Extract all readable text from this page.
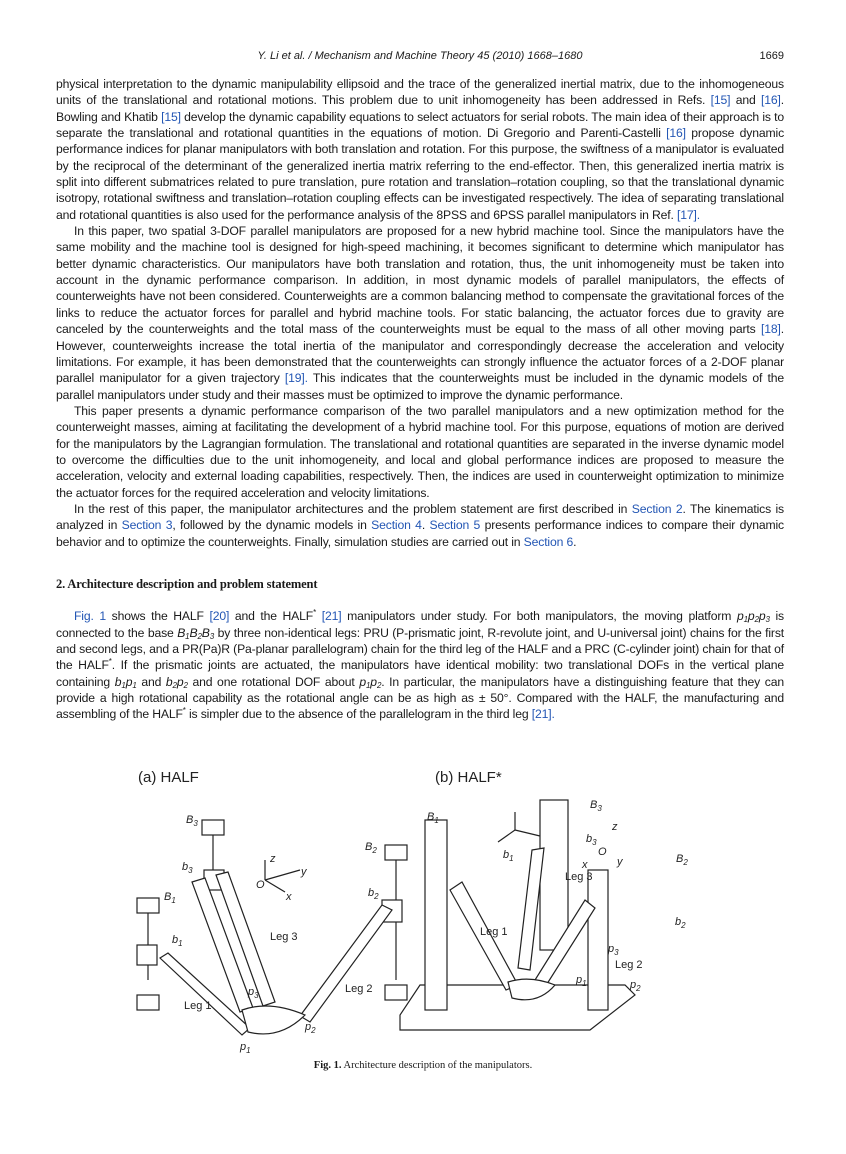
Y. Li et al. / Mechanism and Machine Theory 45 (2010) 1668–1680	1669

physical interpretation to the dynamic manipulability ellipsoid and the trace of the generalized inertial matrix, due to the inhomogeneous units of the translational and rotational motions. This problem due to unit inhomogeneity has been addressed in Refs. [15] and [16]. Bowling and Khatib [15] develop the dynamic capability equations to select actuators for serial robots. The main idea of their approach is to separate the translational and rotational quantities in the equations of motion. Di Gregorio and Parenti-Castelli [16] propose dynamic performance indices for planar manipulators with both translation and rotation. For this purpose, the swiftness of a manipulator is evaluated by the reciprocal of the determinant of the generalized inertia matrix referring to the end-effector. Then, this generalized inertia matrix is split into different submatrices related to pure translation, pure rotation and translation–rotation coupling, so that the translational dynamic isotropy, rotational swiftness and translation–rotation coupling effects can be investigated respectively. The idea of separating translational and rotational quantities is also used for the performance analysis of the 8PSS and 6PSS parallel manipulators in Ref. [17].

In this paper, two spatial 3-DOF parallel manipulators are proposed for a new hybrid machine tool. Since the manipulators have the same mobility and the machine tool is designed for high-speed machining, it becomes significant to determine which manipulator has better dynamic characteristics. Our manipulators have both translation and rotation, thus, the unit inhomogeneity must be taken into account in the dynamic performance comparison. In addition, in most dynamic models of parallel manipulators, the effects of counterweights have not been considered. Counterweights are a common balancing method to compensate the gravitational forces of the links to reduce the actuator forces for parallel and hybrid machine tools. For static balancing, the actuator forces due to gravity are canceled by the counterweights and the total mass of the counterweights must be equal to the mass of all other moving parts [18]. However, counterweights increase the total inertia of the manipulator and correspondingly decrease the acceleration and velocity limitations. For example, it has been demonstrated that the counterweights can strongly influence the actuator forces of a 2-DOF planar parallel manipulator for a given trajectory [19]. This indicates that the counterweights must be included in the dynamic models of the parallel manipulators under study and their masses must be optimized to improve the dynamic performance.

This paper presents a dynamic performance comparison of the two parallel manipulators and a new optimization method for the counterweight masses, aiming at facilitating the development of a hybrid machine tool. For this purpose, equations of motion are derived for the manipulators by the Lagrangian formulation. The translational and rotational quantities are separated in the inverse dynamic model to overcome the difficulties due to the unit inhomogeneity, and local and global performance indices are proposed to measure the acceleration, velocity and external loading capabilities, respectively. Then, the indices are used in counterweight optimization to minimize the actuator forces for the required acceleration and velocity limitations.

In the rest of this paper, the manipulator architectures and the problem statement are first described in Section 2. The kinematics is analyzed in Section 3, followed by the dynamic models in Section 4. Section 5 presents performance indices to compare their dynamic behavior and to optimize the counterweights. Finally, simulation studies are carried out in Section 6.

2. Architecture description and problem statement

Fig. 1 shows the HALF [20] and the HALF* [21] manipulators under study. For both manipulators, the moving platform $p_1p_2p_3$ is connected to the base $B_1B_2B_3$ by three non-identical legs: PRU (P-prismatic joint, R-revolute joint, and U-universal joint) chains for the first and second legs, and a PR(Pa)R (Pa-planar parallelogram) chain for the third leg of the HALF and a PRC (C-cylinder joint) chain for that of the HALF*. If the prismatic joints are actuated, the manipulators have identical mobility: two translational DOFs in the vertical plane containing $b_1p_1$ and $b_2p_2$ and one rotational DOF about $p_1p_2$. In particular, the manipulators have a distinguishing feature that they can provide a high rotational capability as the rotational angle can be as high as ± 50°. Compared with the HALF, the manufacturing and assembling of the HALF* is simpler due to the absence of the parallelogram in the third leg [21].

(a) HALF	(b) HALF*
$B_3$
$B_1$
$B_2$
$b_3$
$b_1$
$b_2$
$p_3$
$p_2$
$p_1$
O
z
y
x
$B_1$
$B_3$
$B_2$
$b_1$
$b_3$
$b_2$
$p_3$
$p_1$	$p_2$
O
z
y
x
Leg 1
Leg 2
Leg 3	Leg 1
Leg 2
Leg 3
Fig. 1. Architecture description of the manipulators.
